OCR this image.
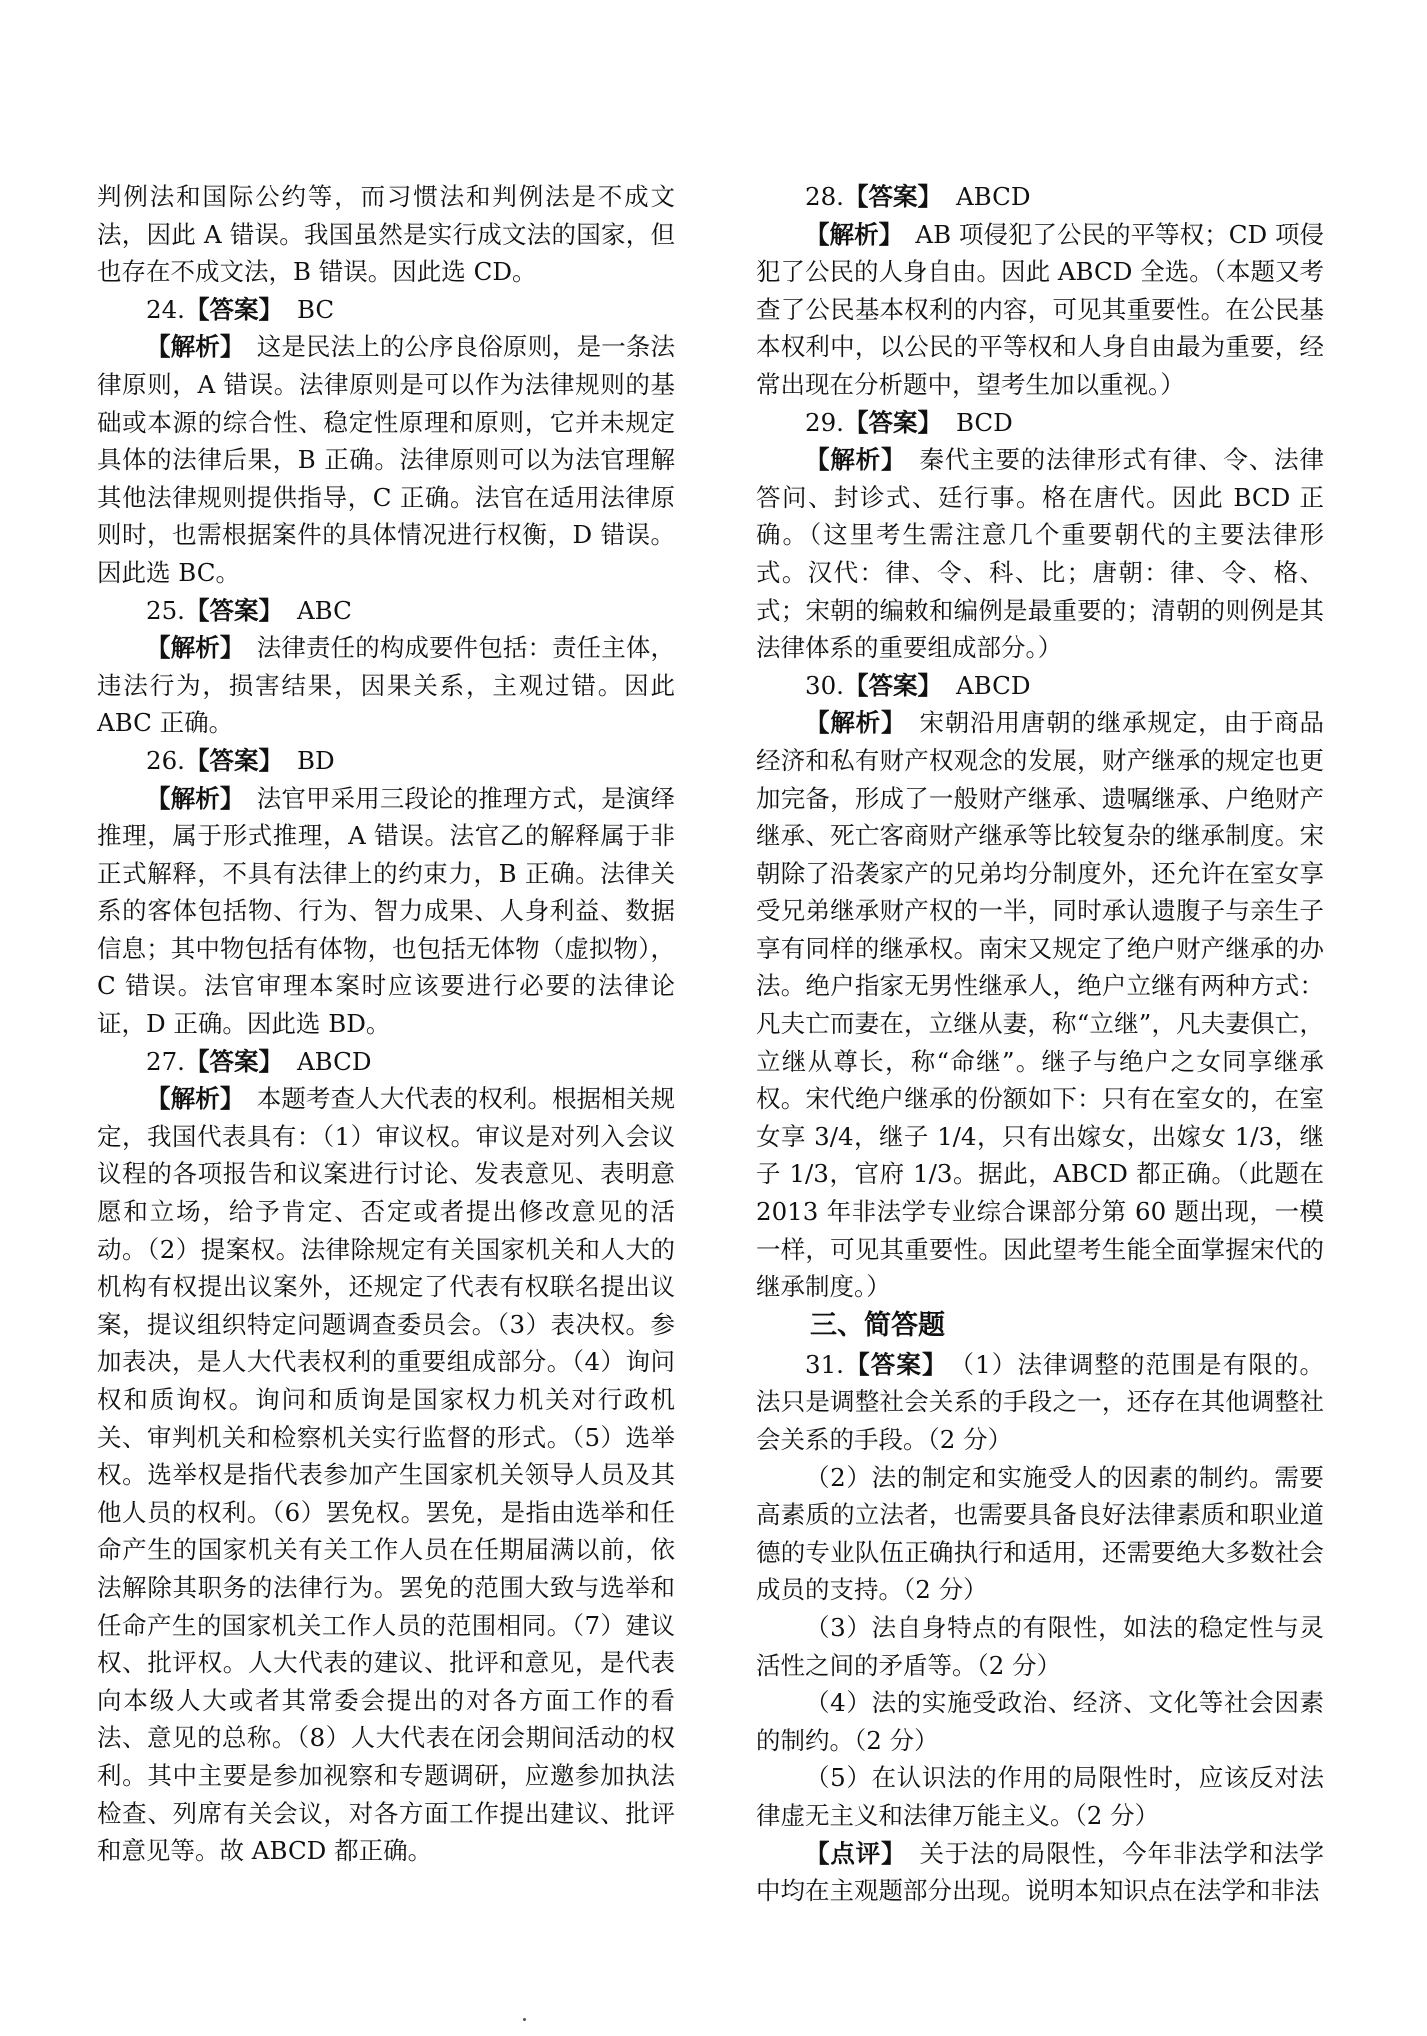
判例法和国际公约等，而习惯法和判例法是不成文法，因此 A 错误。我国虽然是实行成文法的国家，但也存在不成文法，B 错误。因此选 CD。

24.【答案】 BC

【解析】  这是民法上的公序良俗原则，是一条法律原则，A 错误。法律原则是可以作为法律规则的基础或本源的综合性、稳定性原理和原则，它并未规定具体的法律后果，B 正确。法律原则可以为法官理解其他法律规则提供指导，C 正确。法官在适用法律原则时，也需根据案件的具体情况进行权衡，D 错误。因此选 BC。

25.【答案】 ABC

【解析】  法律责任的构成要件包括：责任主体，违法行为，损害结果，因果关系，主观过错。因此 ABC 正确。

26.【答案】 BD

【解析】  法官甲采用三段论的推理方式，是演绎推理，属于形式推理，A 错误。法官乙的解释属于非正式解释，不具有法律上的约束力，B 正确。法律关系的客体包括物、行为、智力成果、人身利益、数据信息；其中物包括有体物，也包括无体物（虚拟物），C 错误。法官审理本案时应该要进行必要的法律论证，D 正确。因此选 BD。

27.【答案】 ABCD

【解析】  本题考查人大代表的权利。根据相关规定，我国代表具有：（1）审议权。审议是对列入会议议程的各项报告和议案进行讨论、发表意见、表明意愿和立场，给予肯定、否定或者提出修改意见的活动。（2）提案权。法律除规定有关国家机关和人大的机构有权提出议案外，还规定了代表有权联名提出议案，提议组织特定问题调查委员会。（3）表决权。参加表决，是人大代表权利的重要组成部分。（4）询问权和质询权。询问和质询是国家权力机关对行政机关、审判机关和检察机关实行监督的形式。（5）选举权。选举权是指代表参加产生国家机关领导人员及其他人员的权利。（6）罢免权。罢免，是指由选举和任命产生的国家机关有关工作人员在任期届满以前，依法解除其职务的法律行为。罢免的范围大致与选举和任命产生的国家机关工作人员的范围相同。（7）建议权、批评权。人大代表的建议、批评和意见，是代表向本级人大或者其常委会提出的对各方面工作的看法、意见的总称。（8）人大代表在闭会期间活动的权利。其中主要是参加视察和专题调研，应邀参加执法检查、列席有关会议，对各方面工作提出建议、批评和意见等。故 ABCD 都正确。

28.【答案】 ABCD

【解析】  AB 项侵犯了公民的平等权；CD 项侵犯了公民的人身自由。因此 ABCD 全选。（本题又考查了公民基本权利的内容，可见其重要性。在公民基本权利中，以公民的平等权和人身自由最为重要，经常出现在分析题中，望考生加以重视。）

29.【答案】 BCD

【解析】  秦代主要的法律形式有律、令、法律答问、封诊式、廷行事。格在唐代。因此 BCD 正确。（这里考生需注意几个重要朝代的主要法律形式。汉代：律、令、科、比；唐朝：律、令、格、式；宋朝的编敕和编例是最重要的；清朝的则例是其法律体系的重要组成部分。）

30.【答案】 ABCD

【解析】  宋朝沿用唐朝的继承规定，由于商品经济和私有财产权观念的发展，财产继承的规定也更加完备，形成了一般财产继承、遗嘱继承、户绝财产继承、死亡客商财产继承等比较复杂的继承制度。宋朝除了沿袭家产的兄弟均分制度外，还允许在室女享受兄弟继承财产权的一半，同时承认遗腹子与亲生子享有同样的继承权。南宋又规定了绝户财产继承的办法。绝户指家无男性继承人，绝户立继有两种方式：凡夫亡而妻在，立继从妻，称“立继”，凡夫妻俱亡，立继从尊长，称“命继”。继子与绝户之女同享继承权。宋代绝户继承的份额如下：只有在室女的，在室女享 3/4，继子 1/4，只有出嫁女，出嫁女 1/3，继子 1/3，官府 1/3。据此，ABCD 都正确。（此题在 2013 年非法学专业综合课部分第 60 题出现，一模一样，可见其重要性。因此望考生能全面掌握宋代的继承制度。）

三、简答题

31.【答案】 （1）法律调整的范围是有限的。法只是调整社会关系的手段之一，还存在其他调整社会关系的手段。（2 分）

（2）法的制定和实施受人的因素的制约。需要高素质的立法者，也需要具备良好法律素质和职业道德的专业队伍正确执行和适用，还需要绝大多数社会成员的支持。（2 分）

（3）法自身特点的有限性，如法的稳定性与灵活性之间的矛盾等。（2 分）

（4）法的实施受政治、经济、文化等社会因素的制约。（2 分）

（5）在认识法的作用的局限性时，应该反对法律虚无主义和法律万能主义。（2 分）

【点评】  关于法的局限性，今年非法学和法学中均在主观题部分出现。说明本知识点在法学和非法
